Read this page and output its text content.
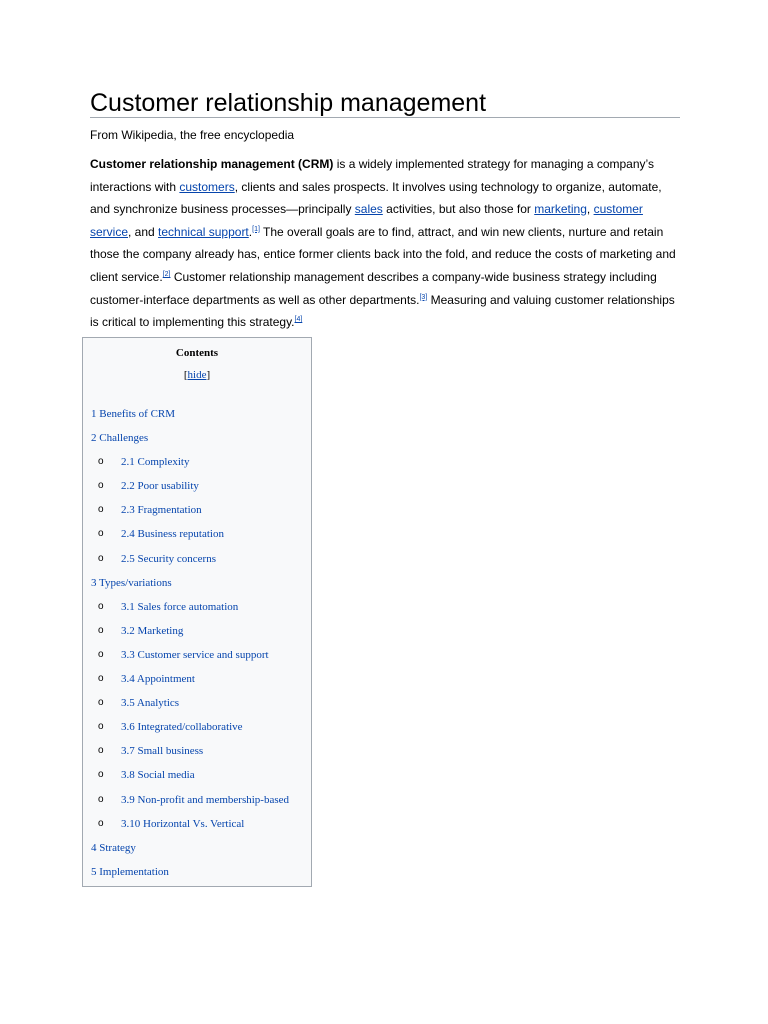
Customer relationship management
From Wikipedia, the free encyclopedia

Customer relationship management (CRM) is a widely implemented strategy for managing a company’s interactions with customers, clients and sales prospects. It involves using technology to organize, automate, and synchronize business processes—principally sales activities, but also those for marketing, customer service, and technical support.[1] The overall goals are to find, attract, and win new clients, nurture and retain those the company already has, entice former clients back into the fold, and reduce the costs of marketing and client service.[2] Customer relationship management describes a company-wide business strategy including customer-interface departments as well as other departments.[3] Measuring and valuing customer relationships is critical to implementing this strategy.[4]

Contents
[hide]
1 Benefits of CRM
2 Challenges
o 2.1 Complexity
o 2.2 Poor usability
o 2.3 Fragmentation
o 2.4 Business reputation
o 2.5 Security concerns
3 Types/variations
o 3.1 Sales force automation
o 3.2 Marketing
o 3.3 Customer service and support
o 3.4 Appointment
o 3.5 Analytics
o 3.6 Integrated/collaborative
o 3.7 Small business
o 3.8 Social media
o 3.9 Non-profit and membership-based
o 3.10 Horizontal Vs. Vertical
4 Strategy
5 Implementation
